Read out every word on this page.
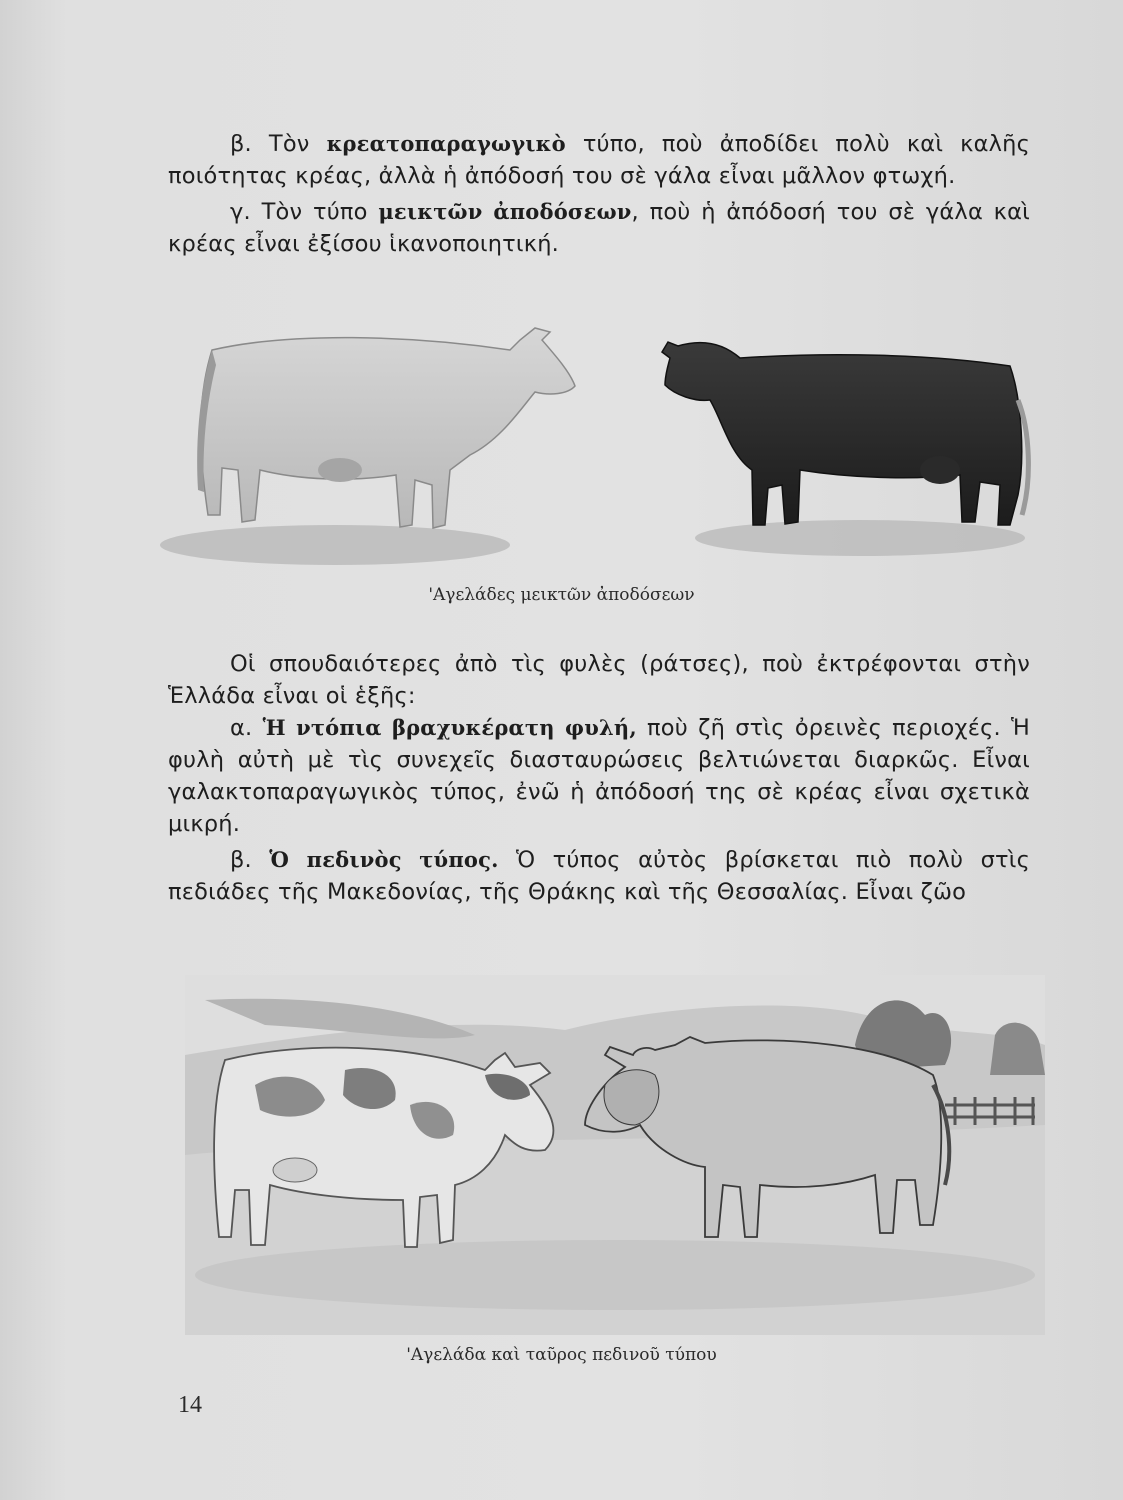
β. Τὸν κρεατοπαραγωγικὸ τύπο, ποὺ ἀποδίδει πολὺ καὶ καλῆς ποιότητας κρέας, ἀλλὰ ἡ ἀπόδοσή του σὲ γάλα εἶναι μᾶλλον φτωχή.

γ. Τὸν τύπο μεικτῶν ἀποδόσεων, ποὺ ἡ ἀπόδοσή του σὲ γάλα καὶ κρέας εἶναι ἐξίσου ἱκανοποιητική.

'Αγελάδες μεικτῶν ἀποδόσεων

Οἱ σπουδαιότερες ἀπὸ τὶς φυλὲς (ράτσες), ποὺ ἐκτρέφονται στὴν Ἑλλάδα εἶναι οἱ ἑξῆς:

α. Ἡ ντόπια βραχυκέρατη φυλή, ποὺ ζῆ στὶς ὀρεινὲς περιοχές. Ἡ φυλὴ αὐτὴ μὲ τὶς συνεχεῖς διασταυρώσεις βελτιώνεται διαρκῶς. Εἶναι γαλακτοπαραγωγικὸς τύπος, ἐνῶ ἡ ἀπόδοσή της σὲ κρέας εἶναι σχετικὰ μικρή.

β. Ὁ πεδινὸς τύπος. Ὁ τύπος αὐτὸς βρίσκεται πιὸ πολὺ στὶς πεδιάδες τῆς Μακεδονίας, τῆς Θράκης καὶ τῆς Θεσσαλίας. Εἶναι ζῶο

'Αγελάδα καὶ ταῦρος πεδινοῦ τύπου
14
